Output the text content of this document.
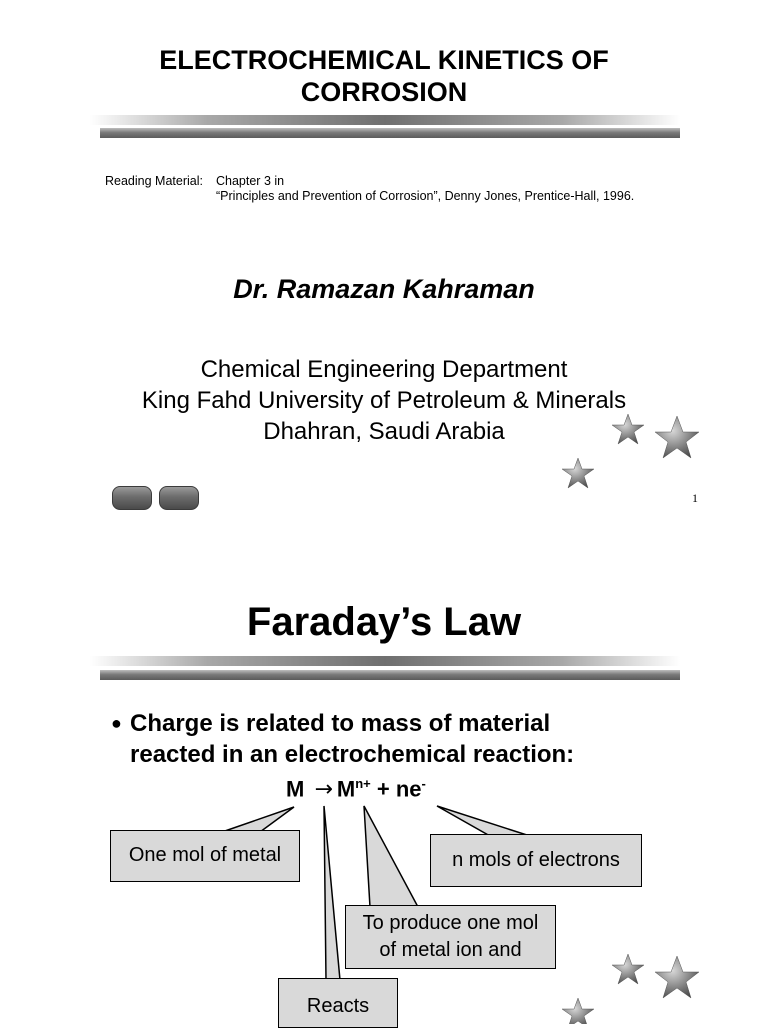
ELECTROCHEMICAL KINETICS OF
CORROSION
Reading Material: Chapter 3 in
“Principles and Prevention of Corrosion”, Denny Jones, Prentice-Hall, 1996.
Dr. Ramazan Kahraman
Chemical Engineering Department
King Fahd University of Petroleum & Minerals
Dhahran, Saudi Arabia
1
Faraday’s Law
● Charge is related to mass of material
reacted in an electrochemical reaction:
$M \to M^{n+} + ne^-$
One mol of metal	n mols of electrons
To produce one mol
of metal ion and
Reacts
